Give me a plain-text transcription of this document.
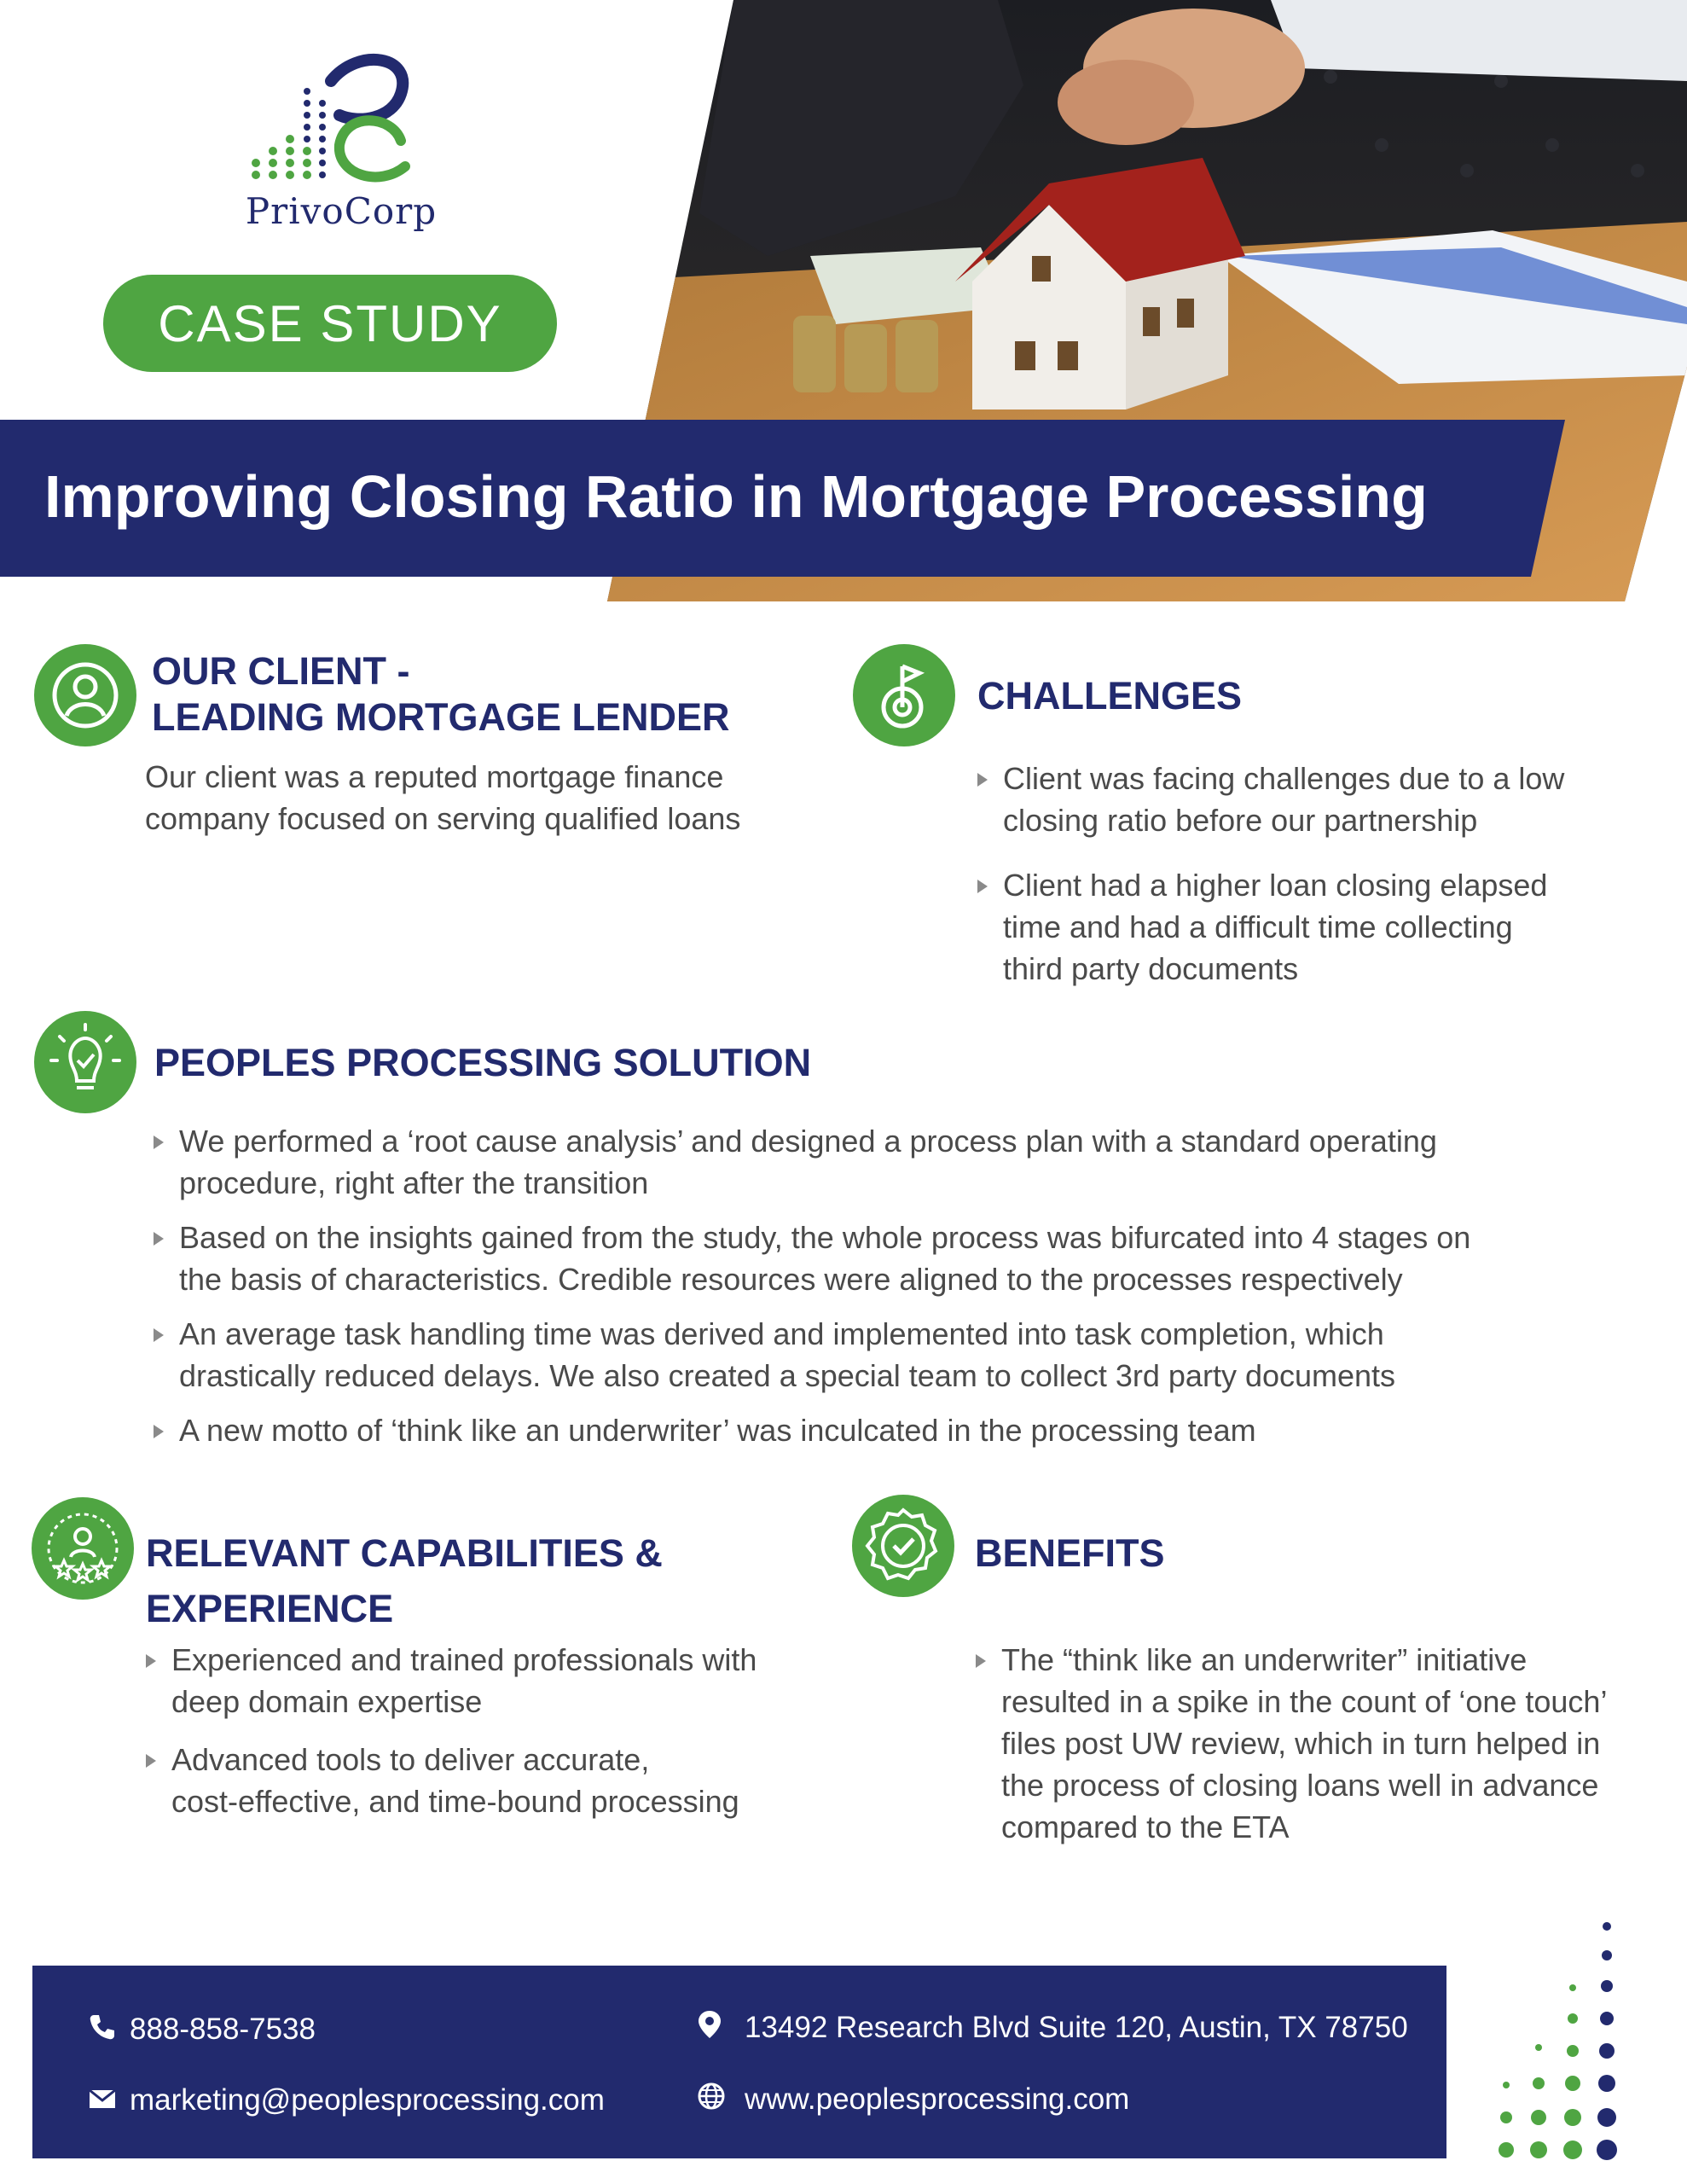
PrivoCorp
CASE STUDY
Improving Closing Ratio in Mortgage Processing
OUR CLIENT -
LEADING MORTGAGE LENDER
Our client was a reputed mortgage finance
company focused on serving qualified loans
CHALLENGES
Client was facing challenges due to a low
closing ratio before our partnership
Client had a higher loan closing elapsed
time and had a difficult time collecting
third party documents
PEOPLES PROCESSING SOLUTION
We performed a ‘root cause analysis’ and designed a process plan with a standard operating
procedure, right after the transition
Based on the insights gained from the study, the whole process was bifurcated into 4 stages on
the basis of characteristics. Credible resources were aligned to the processes respectively
An average task handling time was derived and implemented into task completion, which
drastically reduced delays. We also created a special team to collect 3rd party documents
A new motto of ‘think like an underwriter’ was inculcated in the processing team
RELEVANT CAPABILITIES &
EXPERIENCE
Experienced and trained professionals with
deep domain expertise
Advanced tools to deliver accurate,
cost-effective, and time-bound processing
BENEFITS
The “think like an underwriter” initiative
resulted in a spike in the count of ‘one touch’
files post UW review, which in turn helped in
the process of closing loans well in advance
compared to the ETA
888-858-7538
marketing@peoplesprocessing.com
13492 Research Blvd Suite 120, Austin, TX 78750
www.peoplesprocessing.com
